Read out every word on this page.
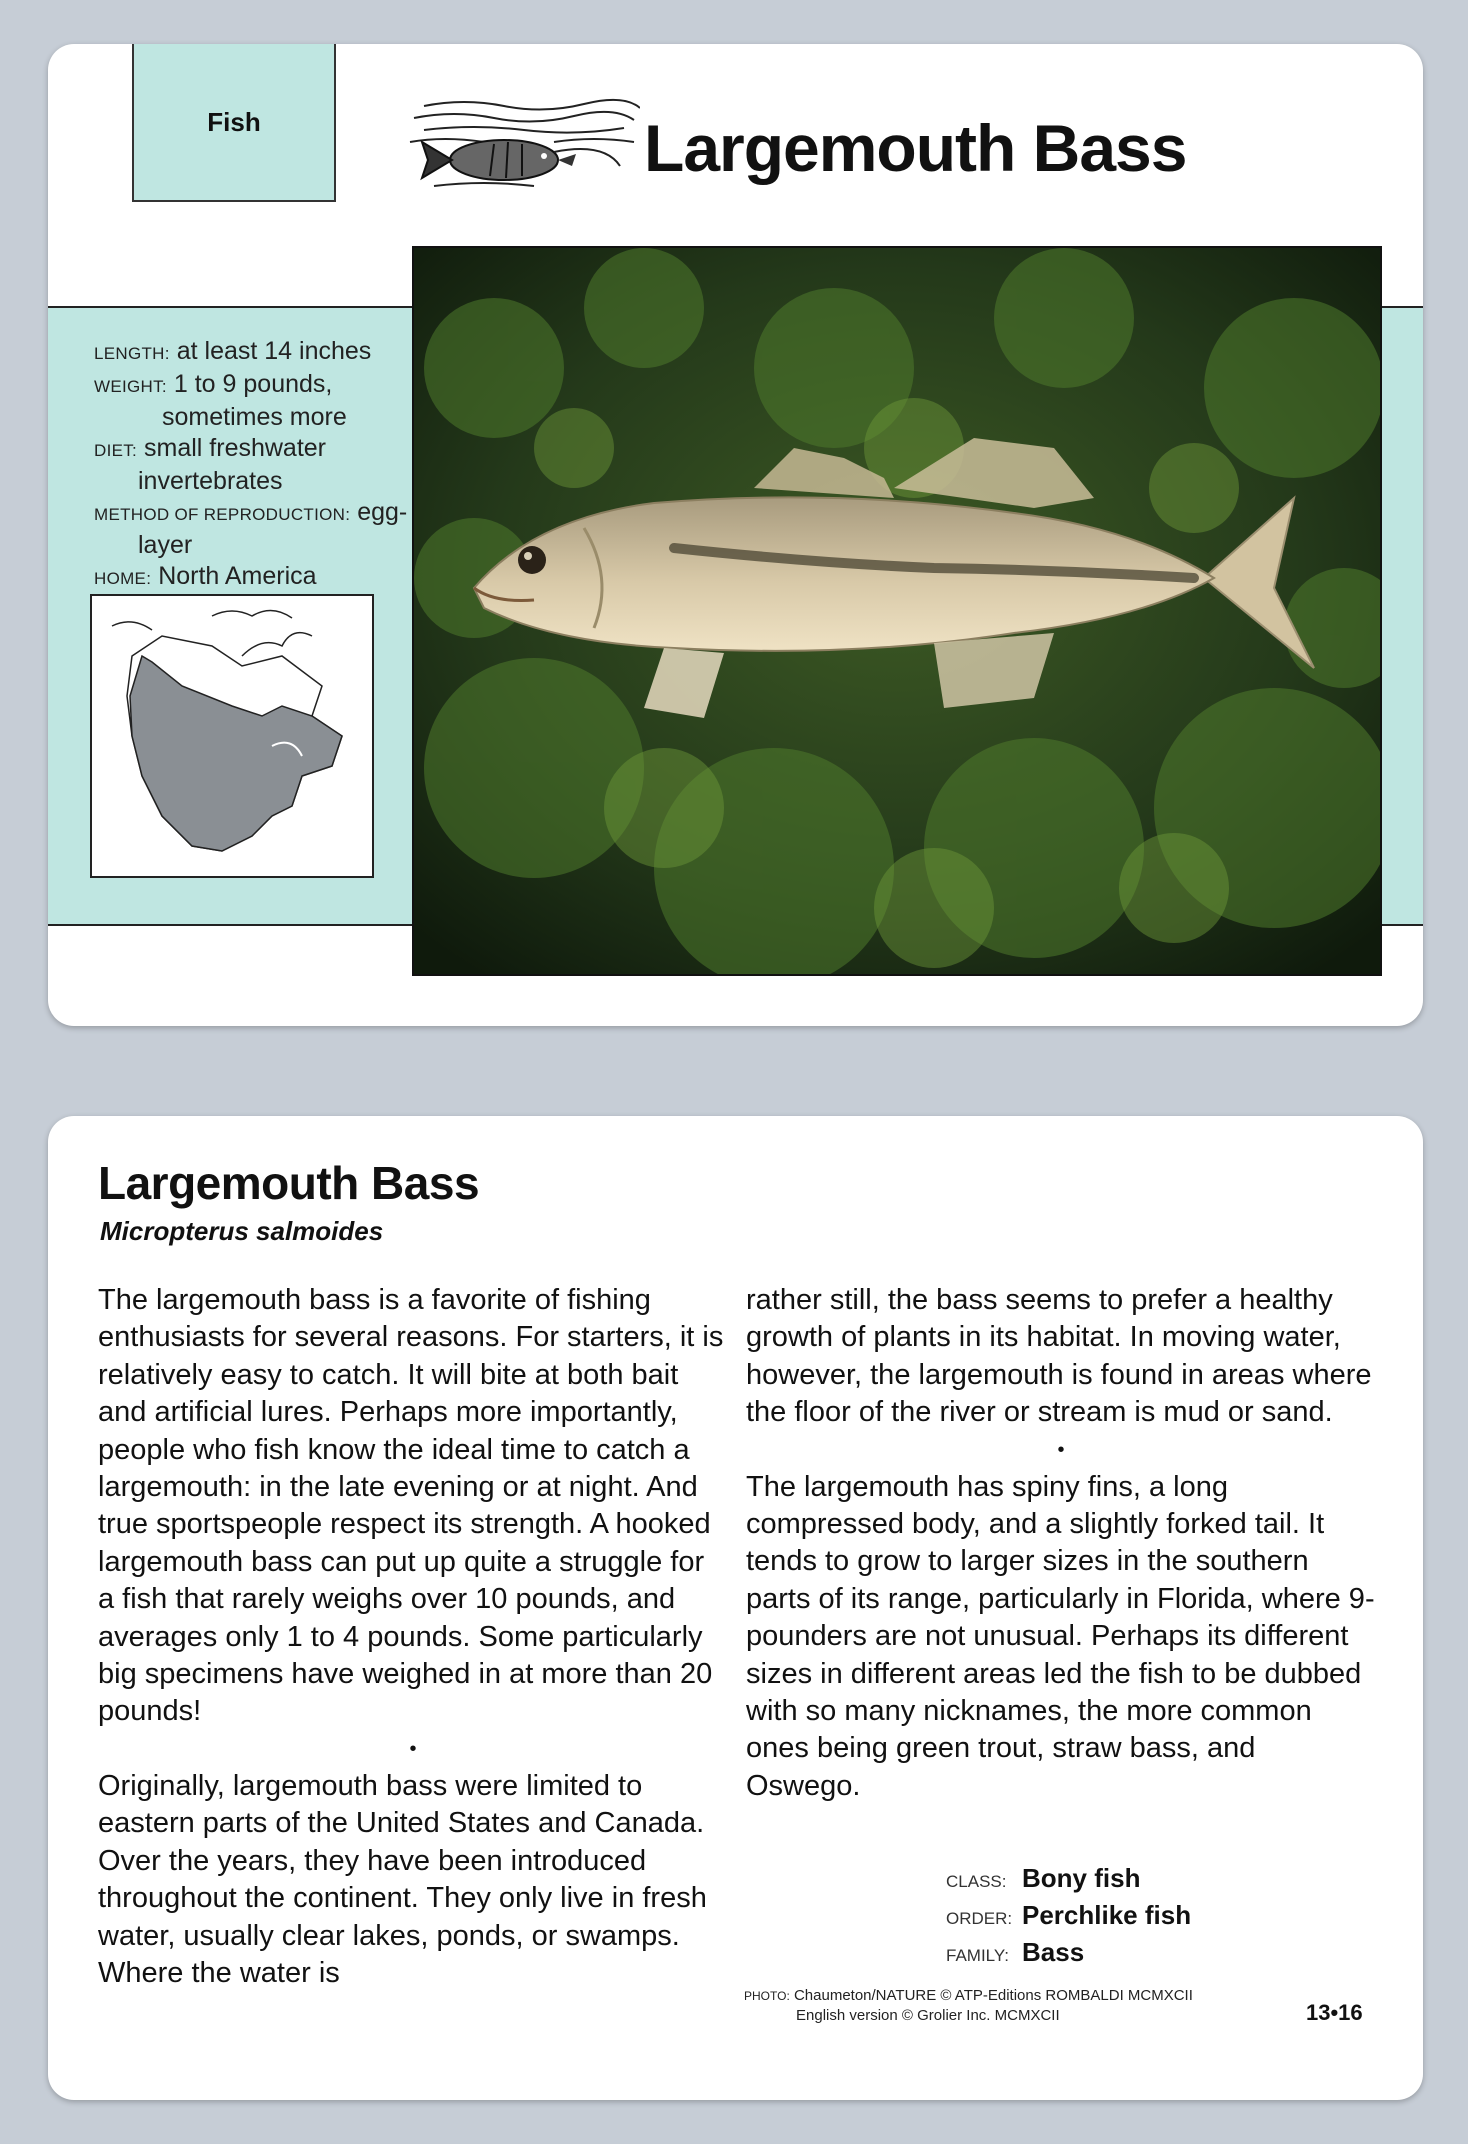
Fish	Largemouth Bass
LENGTH: at least 14 inches
WEIGHT: 1 to 9 pounds,
sometimes more
DIET: small freshwater
invertebrates
METHOD OF REPRODUCTION: egg-
layer
HOME: North America
Largemouth Bass
Micropterus salmoides

The largemouth bass is a favorite of fishing enthusiasts for several reasons. For starters, it is relatively easy to catch. It will bite at both bait and artificial lures. Perhaps more importantly, people who fish know the ideal time to catch a largemouth: in the late evening or at night. And true sportspeople respect its strength. A hooked largemouth bass can put up quite a struggle for a fish that rarely weighs over 10 pounds, and averages only 1 to 4 pounds. Some particularly big specimens have weighed in at more than 20 pounds!

•

Originally, largemouth bass were limited to eastern parts of the United States and Canada. Over the years, they have been introduced throughout the continent. They only live in fresh water, usually clear lakes, ponds, or swamps. Where the water is

rather still, the bass seems to prefer a healthy growth of plants in its habitat. In moving water, however, the largemouth is found in areas where the floor of the river or stream is mud or sand.

•

The largemouth has spiny fins, a long compressed body, and a slightly forked tail. It tends to grow to larger sizes in the southern parts of its range, particularly in Florida, where 9-pounders are not unusual. Perhaps its different sizes in different areas led the fish to be dubbed with so many nicknames, the more common ones being green trout, straw bass, and Oswego.

CLASS: Bony fish
ORDER: Perchlike fish
FAMILY: Bass
PHOTO: Chaumeton/NATURE © ATP-Editions ROMBALDI MCMXCII
English version © Grolier Inc. MCMXCII	13•16
